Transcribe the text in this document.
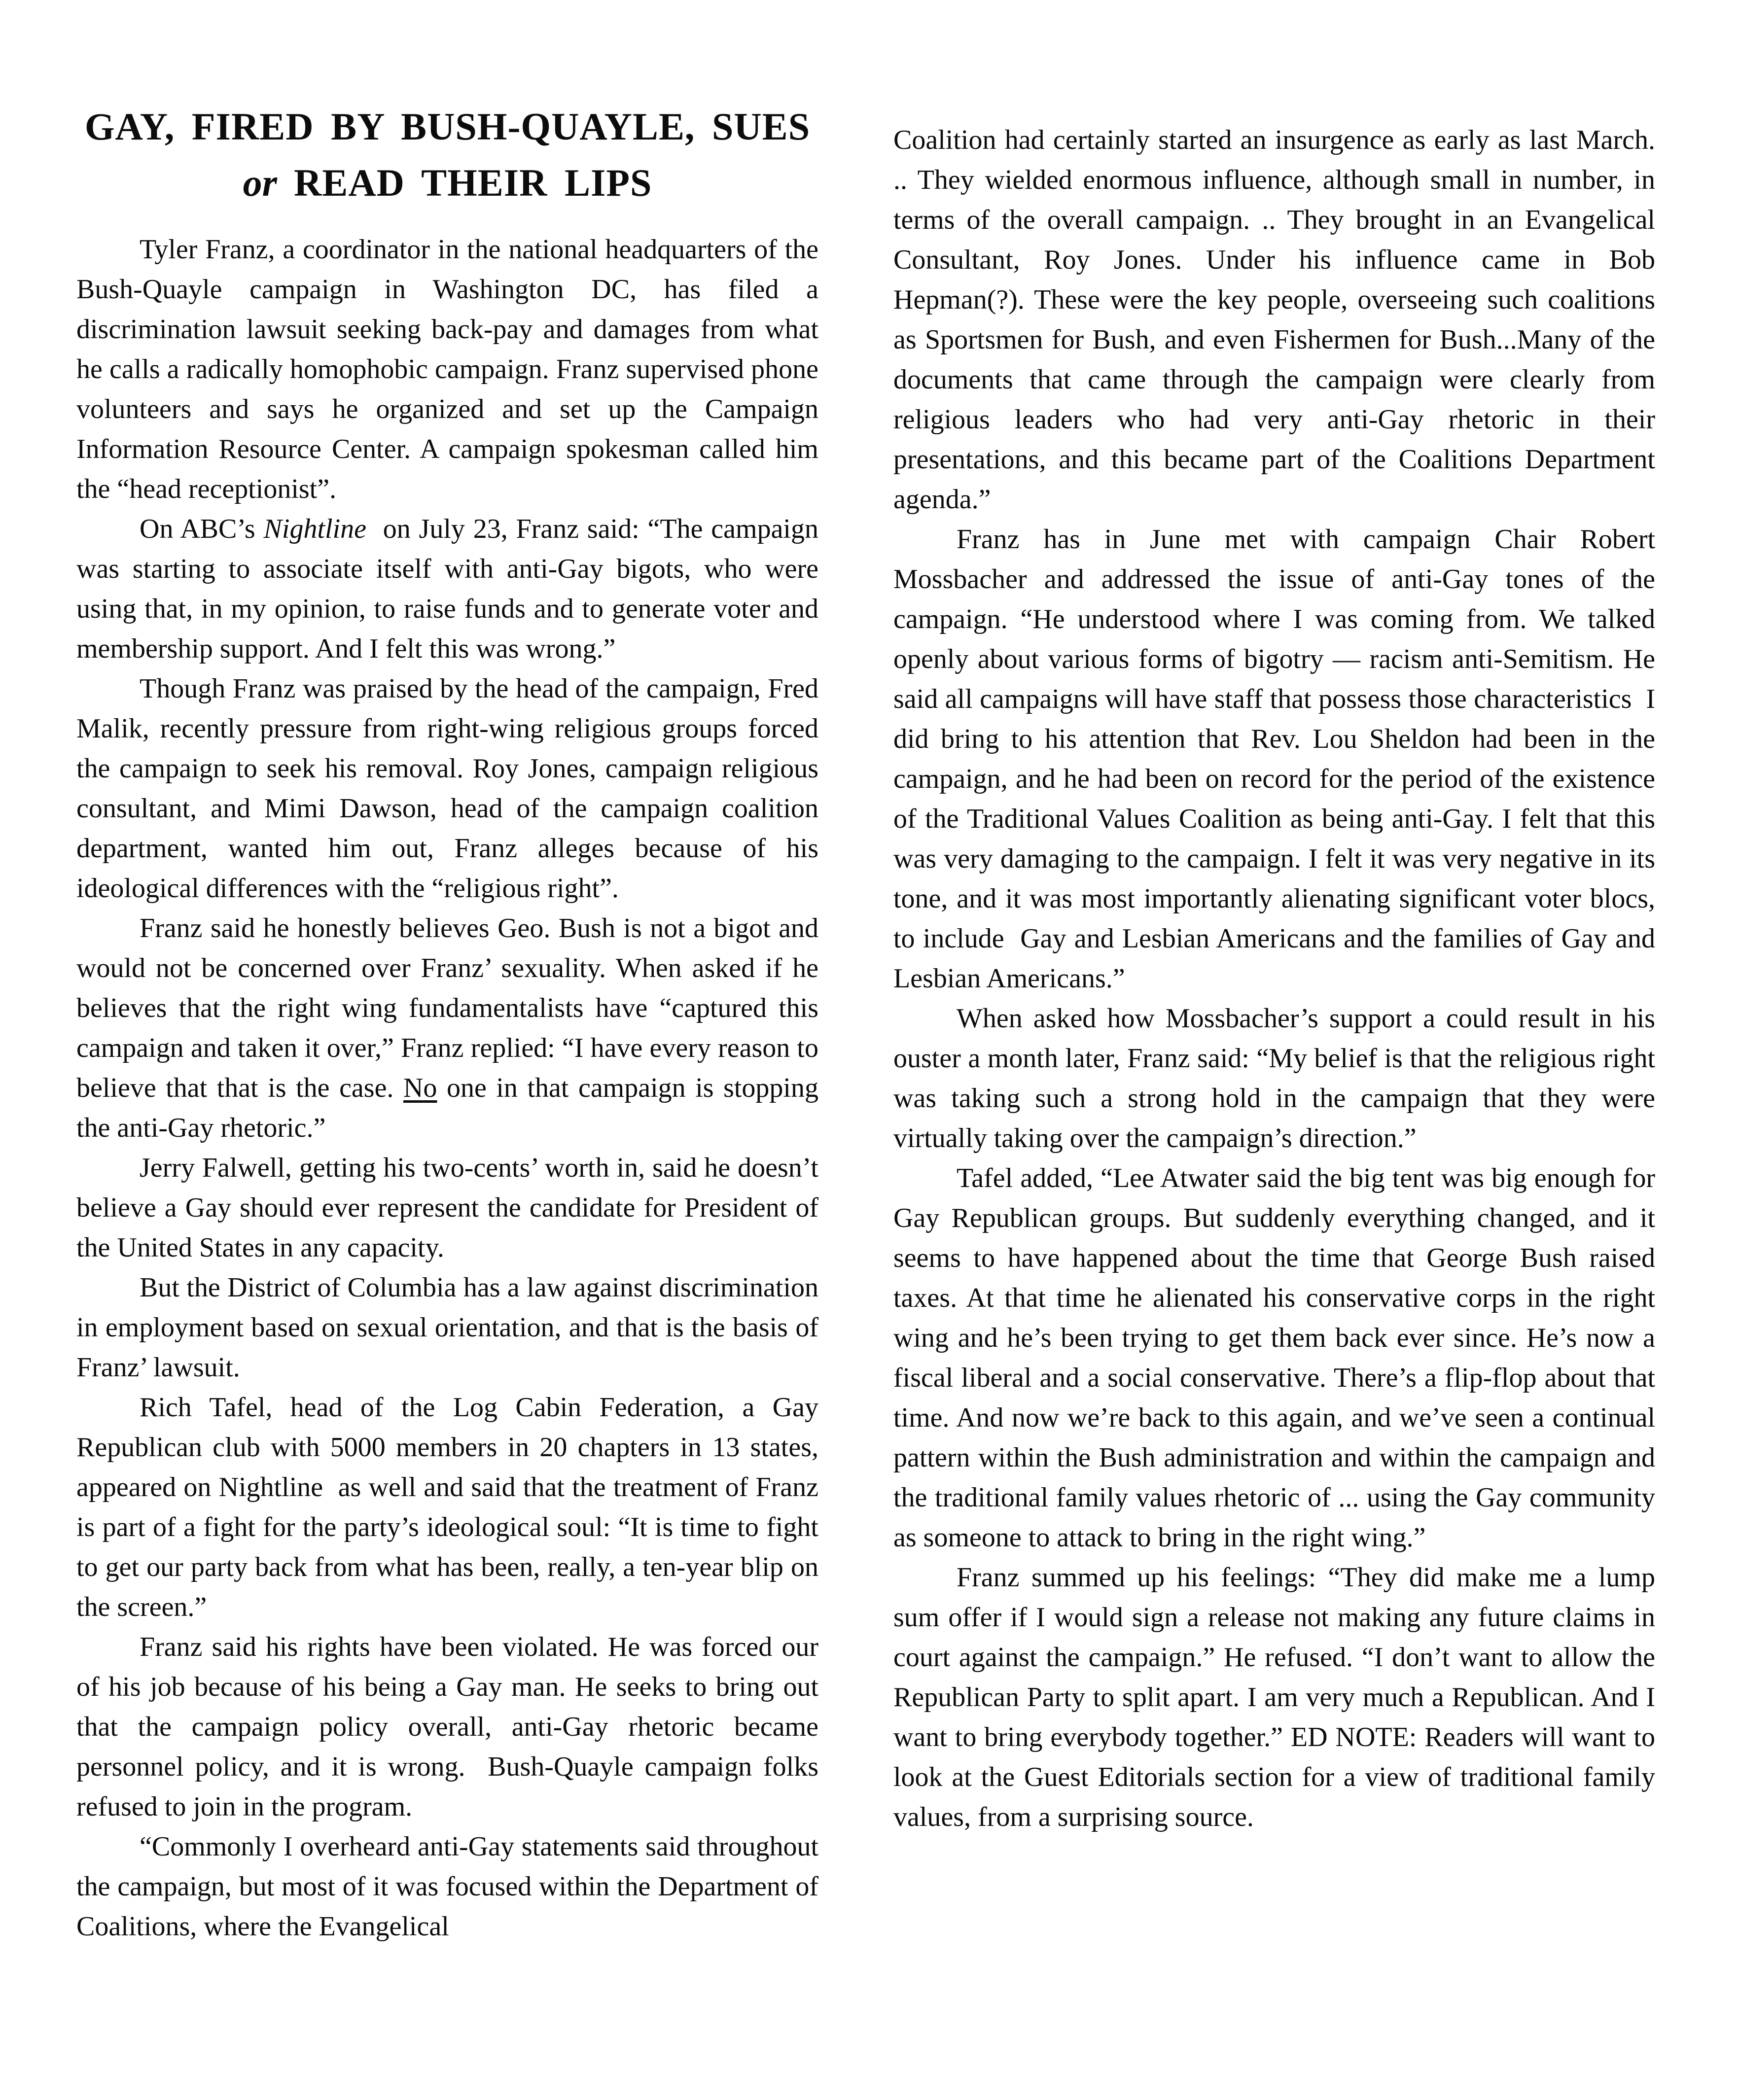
GAY, FIRED BY BUSH-QUAYLE, SUES
or READ THEIR LIPS

Tyler Franz, a coordinator in the national headquarters of the Bush-Quayle campaign in Washington DC, has filed a discrimination lawsuit seeking back-pay and damages from what he calls a radically homophobic campaign. Franz supervised phone volunteers and says he organized and set up the Campaign Information Resource Center. A campaign spokesman called him the “head receptionist”.

On ABC’s Nightline  on July 23, Franz said: “The campaign was starting to associate itself with anti-Gay bigots, who were using that, in my opinion, to raise funds and to generate voter and membership support. And I felt this was wrong.”

Though Franz was praised by the head of the campaign, Fred Malik, recently pressure from right-wing religious groups forced the campaign to seek his removal. Roy Jones, campaign religious consultant, and Mimi Dawson, head of the campaign coalition department, wanted him out, Franz alleges because of his ideological differences with the “religious right”.

Franz said he honestly believes Geo. Bush is not a bigot and would not be concerned over Franz’ sexuality. When asked if he believes that the right wing fundamentalists have “captured this campaign and taken it over,” Franz replied: “I have every reason to believe that that is the case. No one in that campaign is stopping the anti-Gay rhetoric.”

Jerry Falwell, getting his two-cents’ worth in, said he doesn’t believe a Gay should ever represent the candidate for President of the United States in any capacity.

But the District of Columbia has a law against discrimination in employment based on sexual orientation, and that is the basis of Franz’ lawsuit.

Rich Tafel, head of the Log Cabin Federation, a Gay Republican club with 5000 members in 20 chapters in 13 states, appeared on Nightline  as well and said that the treatment of Franz is part of a fight for the party’s ideological soul: “It is time to fight to get our party back from what has been, really, a ten-year blip on the screen.”

Franz said his rights have been violated. He was forced our of his job because of his being a Gay man. He seeks to bring out that the campaign policy overall, anti-Gay rhetoric became personnel policy, and it is wrong.  Bush-Quayle campaign folks refused to join in the program.

“Commonly I overheard anti-Gay statements said throughout the campaign, but most of it was focused within the Department of Coalitions, where the Evangelical

Coalition had certainly started an insurgence as early as last March. .. They wielded enormous influence, although small in number, in terms of the overall campaign. .. They brought in an Evangelical Consultant, Roy Jones. Under his influence came in Bob Hepman(?). These were the key people, overseeing such coalitions as Sportsmen for Bush, and even Fishermen for Bush...Many of the documents that came through the campaign were clearly from religious leaders who had very anti-Gay rhetoric in their presentations, and this became part of the Coalitions Department agenda.”

Franz has in June met with campaign Chair Robert Mossbacher and addressed the issue of anti-Gay tones of the campaign. “He understood where I was coming from. We talked openly about various forms of bigotry — racism anti-Semitism. He said all campaigns will have staff that possess those characteristics  I did bring to his attention that Rev. Lou Sheldon had been in the campaign, and he had been on record for the period of the existence of the Traditional Values Coalition as being anti-Gay. I felt that this was very damaging to the campaign. I felt it was very negative in its tone, and it was most importantly alienating significant voter blocs, to include  Gay and Lesbian Americans and the families of Gay and Lesbian Americans.”

When asked how Mossbacher’s support a could result in his ouster a month later, Franz said: “My belief is that the religious right was taking such a strong hold in the campaign that they were virtually taking over the campaign’s direction.”

Tafel added, “Lee Atwater said the big tent was big enough for Gay Republican groups. But suddenly everything changed, and it seems to have happened about the time that George Bush raised taxes. At that time he alienated his conservative corps in the right wing and he’s been trying to get them back ever since. He’s now a fiscal liberal and a social conservative. There’s a flip-flop about that time. And now we’re back to this again, and we’ve seen a continual pattern within the Bush administration and within the campaign and the traditional family values rhetoric of ... using the Gay community as someone to attack to bring in the right wing.”

Franz summed up his feelings: “They did make me a lump sum offer if I would sign a release not making any future claims in court against the campaign.” He refused. “I don’t want to allow the Republican Party to split apart. I am very much a Republican. And I want to bring everybody together.” ED NOTE: Readers will want to look at the Guest Editorials section for a view of traditional family values, from a surprising source.
